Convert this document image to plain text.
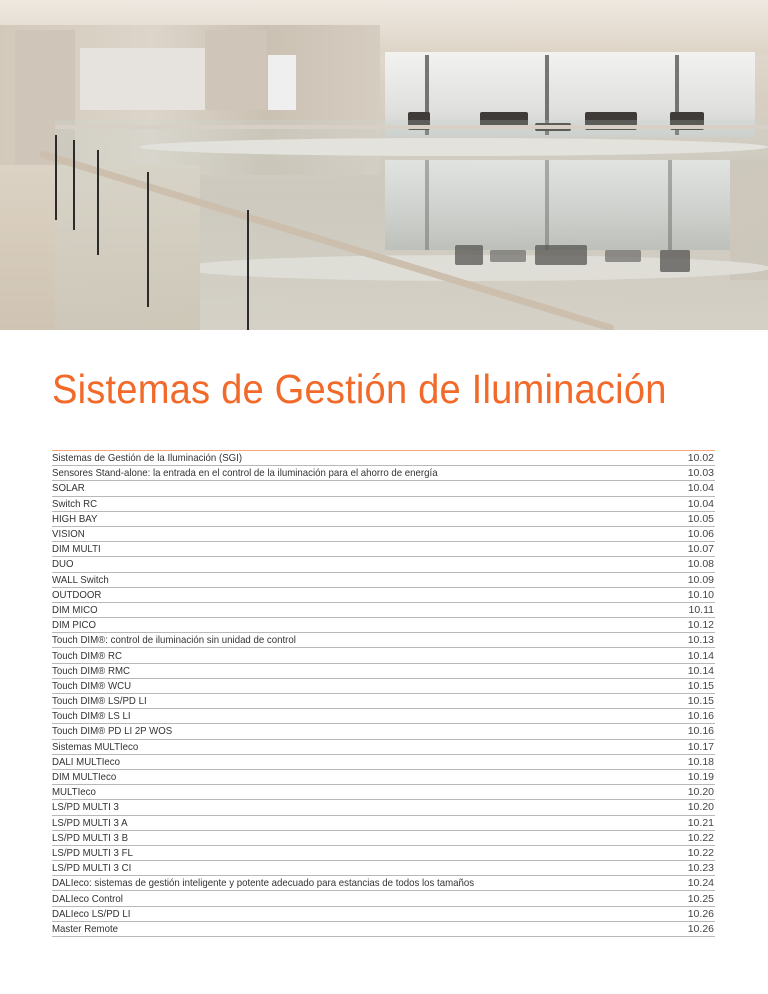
Sistemas de Gestión de Iluminación
Sistemas de Gestión de la Iluminación (SGI)	10.02
Sensores Stand-alone: la entrada en el control de la iluminación para el ahorro de energía	10.03
SOLAR	10.04
Switch RC	10.04
HIGH BAY	10.05
VISION	10.06
DIM MULTI	10.07
DUO	10.08
WALL Switch	10.09
OUTDOOR	10.10
DIM MICO	10.11
DIM PICO	10.12
Touch DIM®: control de iluminación sin unidad de control	10.13
Touch DIM® RC	10.14
Touch DIM® RMC	10.14
Touch DIM® WCU	10.15
Touch DIM® LS/PD LI	10.15
Touch DIM® LS LI	10.16
Touch DIM® PD LI 2P WOS	10.16
Sistemas MULTIeco	10.17
DALI MULTIeco	10.18
DIM MULTIeco	10.19
MULTIeco	10.20
LS/PD MULTI 3	10.20
LS/PD MULTI 3 A	10.21
LS/PD MULTI 3 B	10.22
LS/PD MULTI 3 FL	10.22
LS/PD MULTI 3 CI	10.23
DALIeco: sistemas de gestión inteligente y potente adecuado para estancias de todos los tamaños	10.24
DALIeco Control	10.25
DALIeco LS/PD LI	10.26
Master Remote	10.26
